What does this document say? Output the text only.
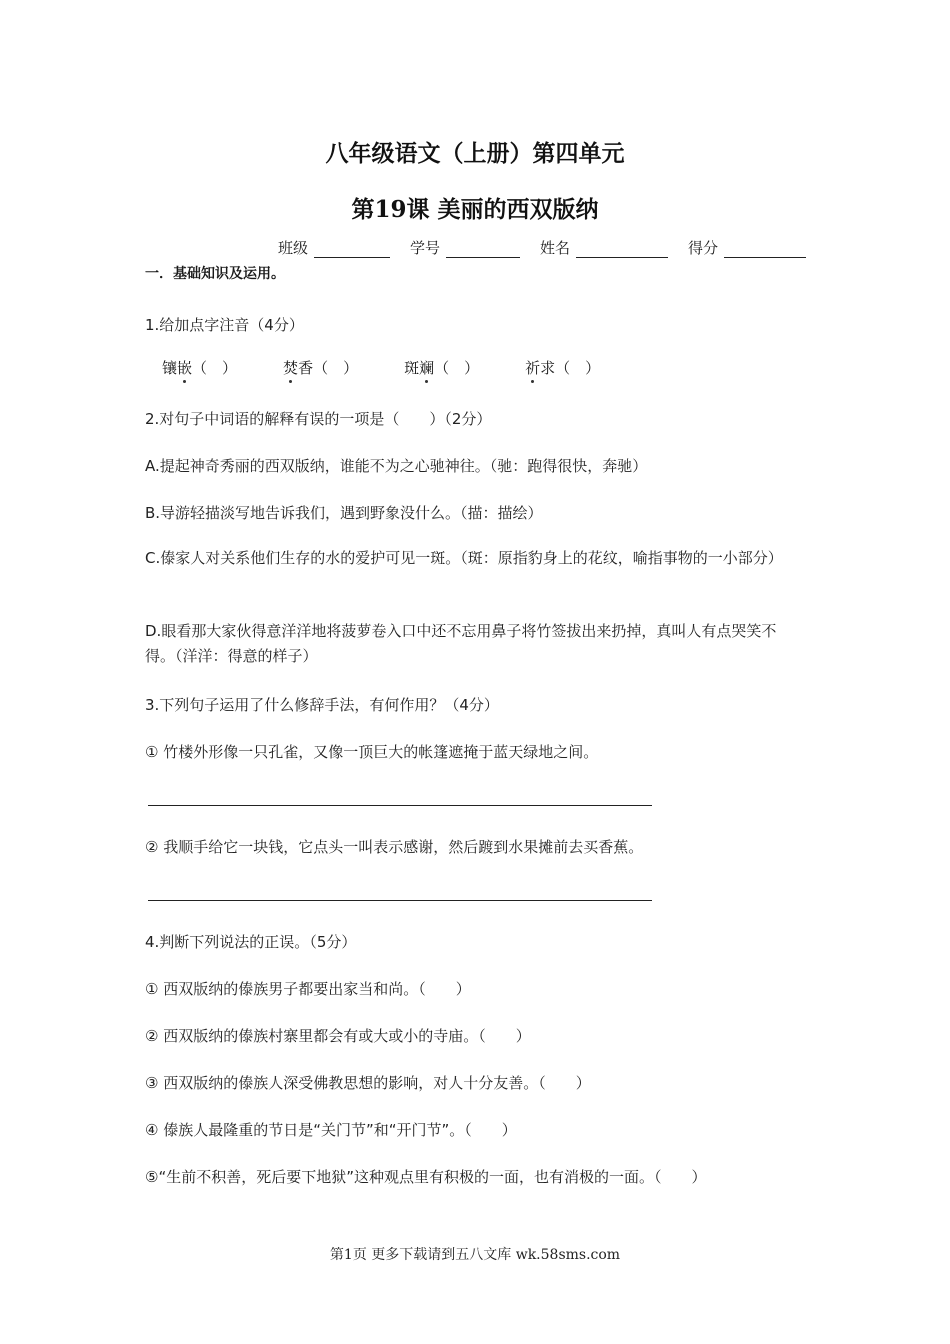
八年级语文（上册）第四单元
第19课 美丽的西双版纳
班级	学号	姓名	得分
一．基础知识及运用。
1.给加点字注音（4分）
镶嵌（　）	焚香（　）	斑斓（　）	祈求（　）
2.对句子中词语的解释有误的一项是（　　）（2分）
A.提起神奇秀丽的西双版纳，谁能不为之心驰神往。（驰：跑得很快，奔驰）
B.导游轻描淡写地告诉我们，遇到野象没什么。（描：描绘）
C.傣家人对关系他们生存的水的爱护可见一斑。（斑：原指豹身上的花纹，喻指事物的一小部分）
D.眼看那大家伙得意洋洋地将菠萝卷入口中还不忘用鼻子将竹签拔出来扔掉，真叫人有点哭笑不得。（洋洋：得意的样子）
3.下列句子运用了什么修辞手法，有何作用？（4分）
① 竹楼外形像一只孔雀，又像一顶巨大的帐篷遮掩于蓝天绿地之间。
② 我顺手给它一块钱，它点头一叫表示感谢，然后踱到水果摊前去买香蕉。
4.判断下列说法的正误。（5分）
① 西双版纳的傣族男子都要出家当和尚。（　　）
② 西双版纳的傣族村寨里都会有或大或小的寺庙。（　　）
③ 西双版纳的傣族人深受佛教思想的影响，对人十分友善。（　　）
④ 傣族人最隆重的节日是“关门节”和“开门节”。（　　）
⑤“生前不积善，死后要下地狱”这种观点里有积极的一面，也有消极的一面。（　　）
第1页 更多下载请到五八文库 wk.58sms.com
